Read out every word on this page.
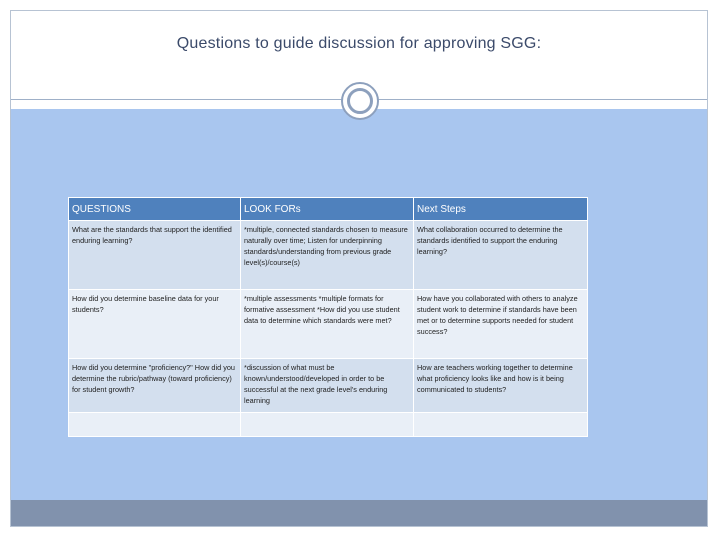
Questions to guide discussion for approving SGG:
QUESTIONS	LOOK FORs	Next Steps
What are the standards that support the identified enduring learning?	*multiple, connected standards chosen to measure naturally over time; Listen for underpinning standards/understanding from previous grade level(s)/course(s)	What collaboration occurred to determine the standards identified to support the enduring learning?
How did you determine baseline data for your students?	*multiple assessments *multiple formats for formative assessment *How did you use student data to determine which standards were met?	How have you collaborated with others to analyze student work to determine if standards have been met or to determine supports needed for student success?
How did you determine "proficiency?" How did you determine the rubric/pathway (toward proficiency) for student growth?	*discussion of what must be known/understood/developed in order to be successful at the next grade level's enduring learning	How are teachers working together to determine what proficiency looks like and how is it being communicated to students?
